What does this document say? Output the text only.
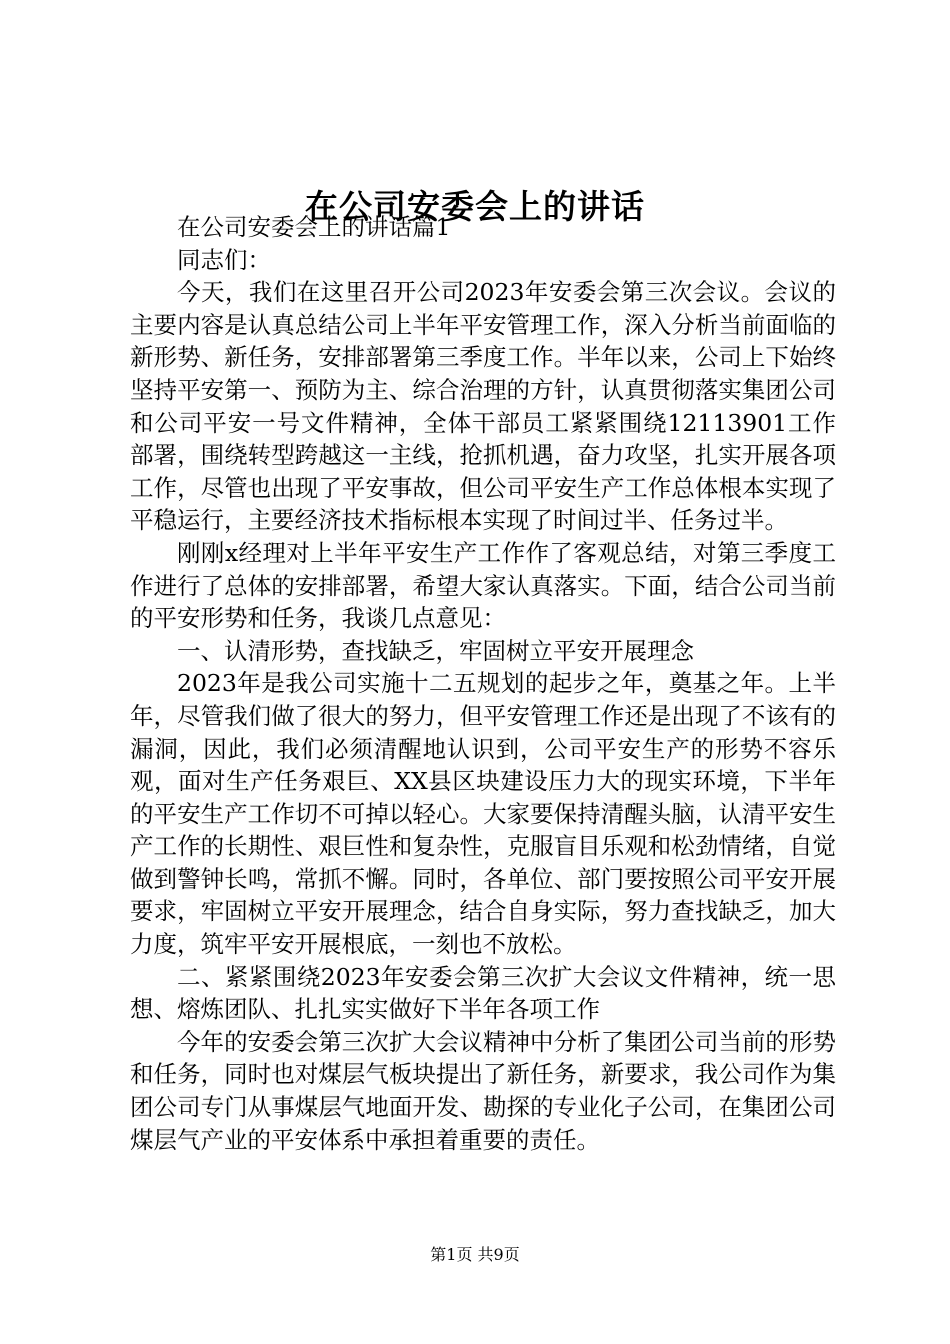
在公司安委会上的讲话

在公司安委会上的讲话篇1

同志们：

今天，我们在这里召开公司2023年安委会第三次会议。会议的主要内容是认真总结公司上半年平安管理工作，深入分析当前面临的新形势、新任务，安排部署第三季度工作。半年以来，公司上下始终坚持平安第一、预防为主、综合治理的方针，认真贯彻落实集团公司和公司平安一号文件精神，全体干部员工紧紧围绕12113901工作部署，围绕转型跨越这一主线，抢抓机遇，奋力攻坚，扎实开展各项工作，尽管也出现了平安事故，但公司平安生产工作总体根本实现了平稳运行，主要经济技术指标根本实现了时间过半、任务过半。

刚刚x经理对上半年平安生产工作作了客观总结，对第三季度工作进行了总体的安排部署，希望大家认真落实。下面，结合公司当前的平安形势和任务，我谈几点意见：

一、认清形势，查找缺乏，牢固树立平安开展理念

2023年是我公司实施十二五规划的起步之年，奠基之年。上半年，尽管我们做了很大的努力，但平安管理工作还是出现了不该有的漏洞，因此，我们必须清醒地认识到，公司平安生产的形势不容乐观，面对生产任务艰巨、XX县区块建设压力大的现实环境，下半年的平安生产工作切不可掉以轻心。大家要保持清醒头脑，认清平安生产工作的长期性、艰巨性和复杂性，克服盲目乐观和松劲情绪，自觉做到警钟长鸣，常抓不懈。同时，各单位、部门要按照公司平安开展要求，牢固树立平安开展理念，结合自身实际，努力查找缺乏，加大力度，筑牢平安开展根底，一刻也不放松。

二、紧紧围绕2023年安委会第三次扩大会议文件精神，统一思想、熔炼团队、扎扎实实做好下半年各项工作

今年的安委会第三次扩大会议精神中分析了集团公司当前的形势和任务，同时也对煤层气板块提出了新任务，新要求，我公司作为集团公司专门从事煤层气地面开发、勘探的专业化子公司，在集团公司煤层气产业的平安体系中承担着重要的责任。

第1页 共9页
